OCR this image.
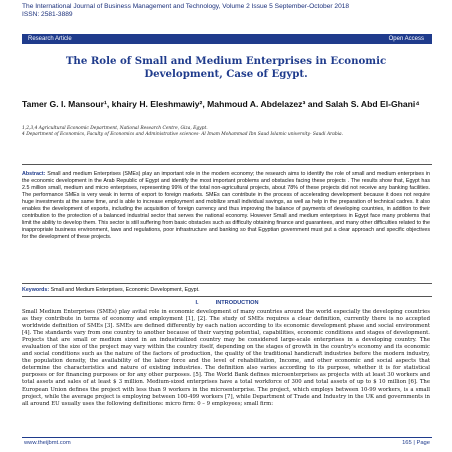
The International Journal of Business Management and Technology, Volume 2 Issue 5 September-October 2018
ISSN: 2581-3889
Research Article	Open Access
The Role of Small and Medium Enterprises in Economic Development, Case of Egypt.
Tamer G. I. Mansour¹, khairy H. Eleshmawiy², Mahmoud A. Abdelazez³ and Salah S. Abd El-Ghani⁴
1,2,3,4 Agricultural Economic Department, National Research Centre, Giza, Egypt.
4 Department of Economics, Faculty of Economics and Administrative sciences- Al Imam Mohammad Ibn Saud Islamic university- Saudi Arabia.
Abstract: Small and medium Enterprises (SMEs) play an important role in the modern economy; the research aims to identify the role of small and medium enterprises in the economic development in the Arab Republic of Egypt and identify the most important problems and obstacles facing these projects . The results show that, Egypt has 2.5 million small, medium and micro enterprises, representing 99% of the total non-agricultural projects, about 78% of these projects did not receive any banking facilities. The performance SMEs is very weak in terms of export to foreign markets. SMEs can contribute in the process of accelerating development because it does not require huge investments at the same time, and is able to increase employment and mobilize small individual savings, as well as help in the preparation of technical cadres. It also enables the development of exports, including the acquisition of foreign currency and thus improving the balance of payments of developing countries, in addition to their contribution to the protection of a balanced industrial sector that serves the national economy. However Small and medium enterprises in Egypt face many problems that limit the ability to develop them. This sector is still suffering from basic obstacles such as difficulty obtaining finance and guarantees, and many other difficulties related to the inappropriate business environment, laws and regulations, poor infrastructure and banking so that Egyptian government must put a clear approach and specific objectives for the development of these projects.
Keywords: Small and Medium Enterprises, Economic Development, Egypt.
I.	INTRODUCTION
Small Medium Enterprises (SMEs) play avital role in economic development of many countries around the world especially the developing countries as they contribute in terms of economy and employment [1], [2]. The study of SMEs requires a clear definition, currently there is no accepted worldwide definition of SMEs [3]. SMEs are defined differently by each nation according to its economic development phase and social environment [4]. The standards vary from one country to another because of their varying potential, capabilities, economic conditions and stages of development. Projects that are small or medium sized in an industrialized country may be considered large-scale enterprises in a developing country. The evaluation of the size of the project may vary within the country itself, depending on the stages of growth in the country's economy and its economic and social conditions such as the nature of the factors of production, the quality of the traditional handicraft industries before the modern industry, the population density, the availability of the labor force and the level of rehabilitation, Income, and other economic and social aspects that determine the characteristics and nature of existing industries. The definition also varies according to its purpose, whether it is for statistical purposes or for financing purposes or for any other purposes. [5]. The World Bank defines microenterprises as projects with at least 30 workers and total assets and sales of at least $ 3 million. Medium-sized enterprises have a total workforce of 300 and total assets of up to $ 10 million [6]. The European Union defines the project with less than 9 workers in the microenterprise. The project, which employs between 10-99 workers, is a small project, while the average project is employing between 100-499 workers [7], while Department of Trade and Industry in the UK and governments in all around EU usually uses the following definitions: micro firm: 0 – 9 employees; small firm:
www.theijbmt.com	165 | Page
